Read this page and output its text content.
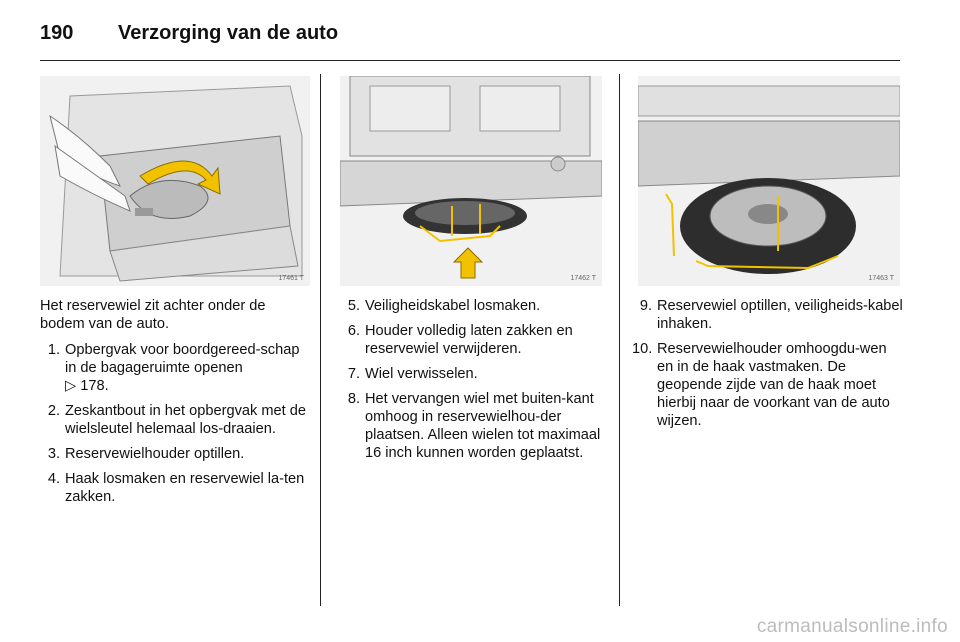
190 Verzorging van de auto
17461 T	17462 T	17463 T

Het reservewiel zit achter onder de bodem van de auto.

1. Opbergvak voor boordgereed-schap in de bagageruimte openen
▷ 178.
2. Zeskantbout in het opbergvak met de wielsleutel helemaal los-draaien.
3. Reservewielhouder optillen.
4. Haak losmaken en reservewiel la-ten zakken.
5. Veiligheidskabel losmaken.
6. Houder volledig laten zakken en reservewiel verwijderen.
7. Wiel verwisselen.
8. Het vervangen wiel met buiten-kant omhoog in reservewielhou-der plaatsen. Alleen wielen tot maximaal 16 inch kunnen worden geplaatst.
9. Reservewiel optillen, veiligheids-kabel inhaken.
10. Reservewielhouder omhoogdu-wen en in de haak vastmaken. De geopende zijde van de haak moet hierbij naar de voorkant van de auto wijzen.
carmanualsonline.info
